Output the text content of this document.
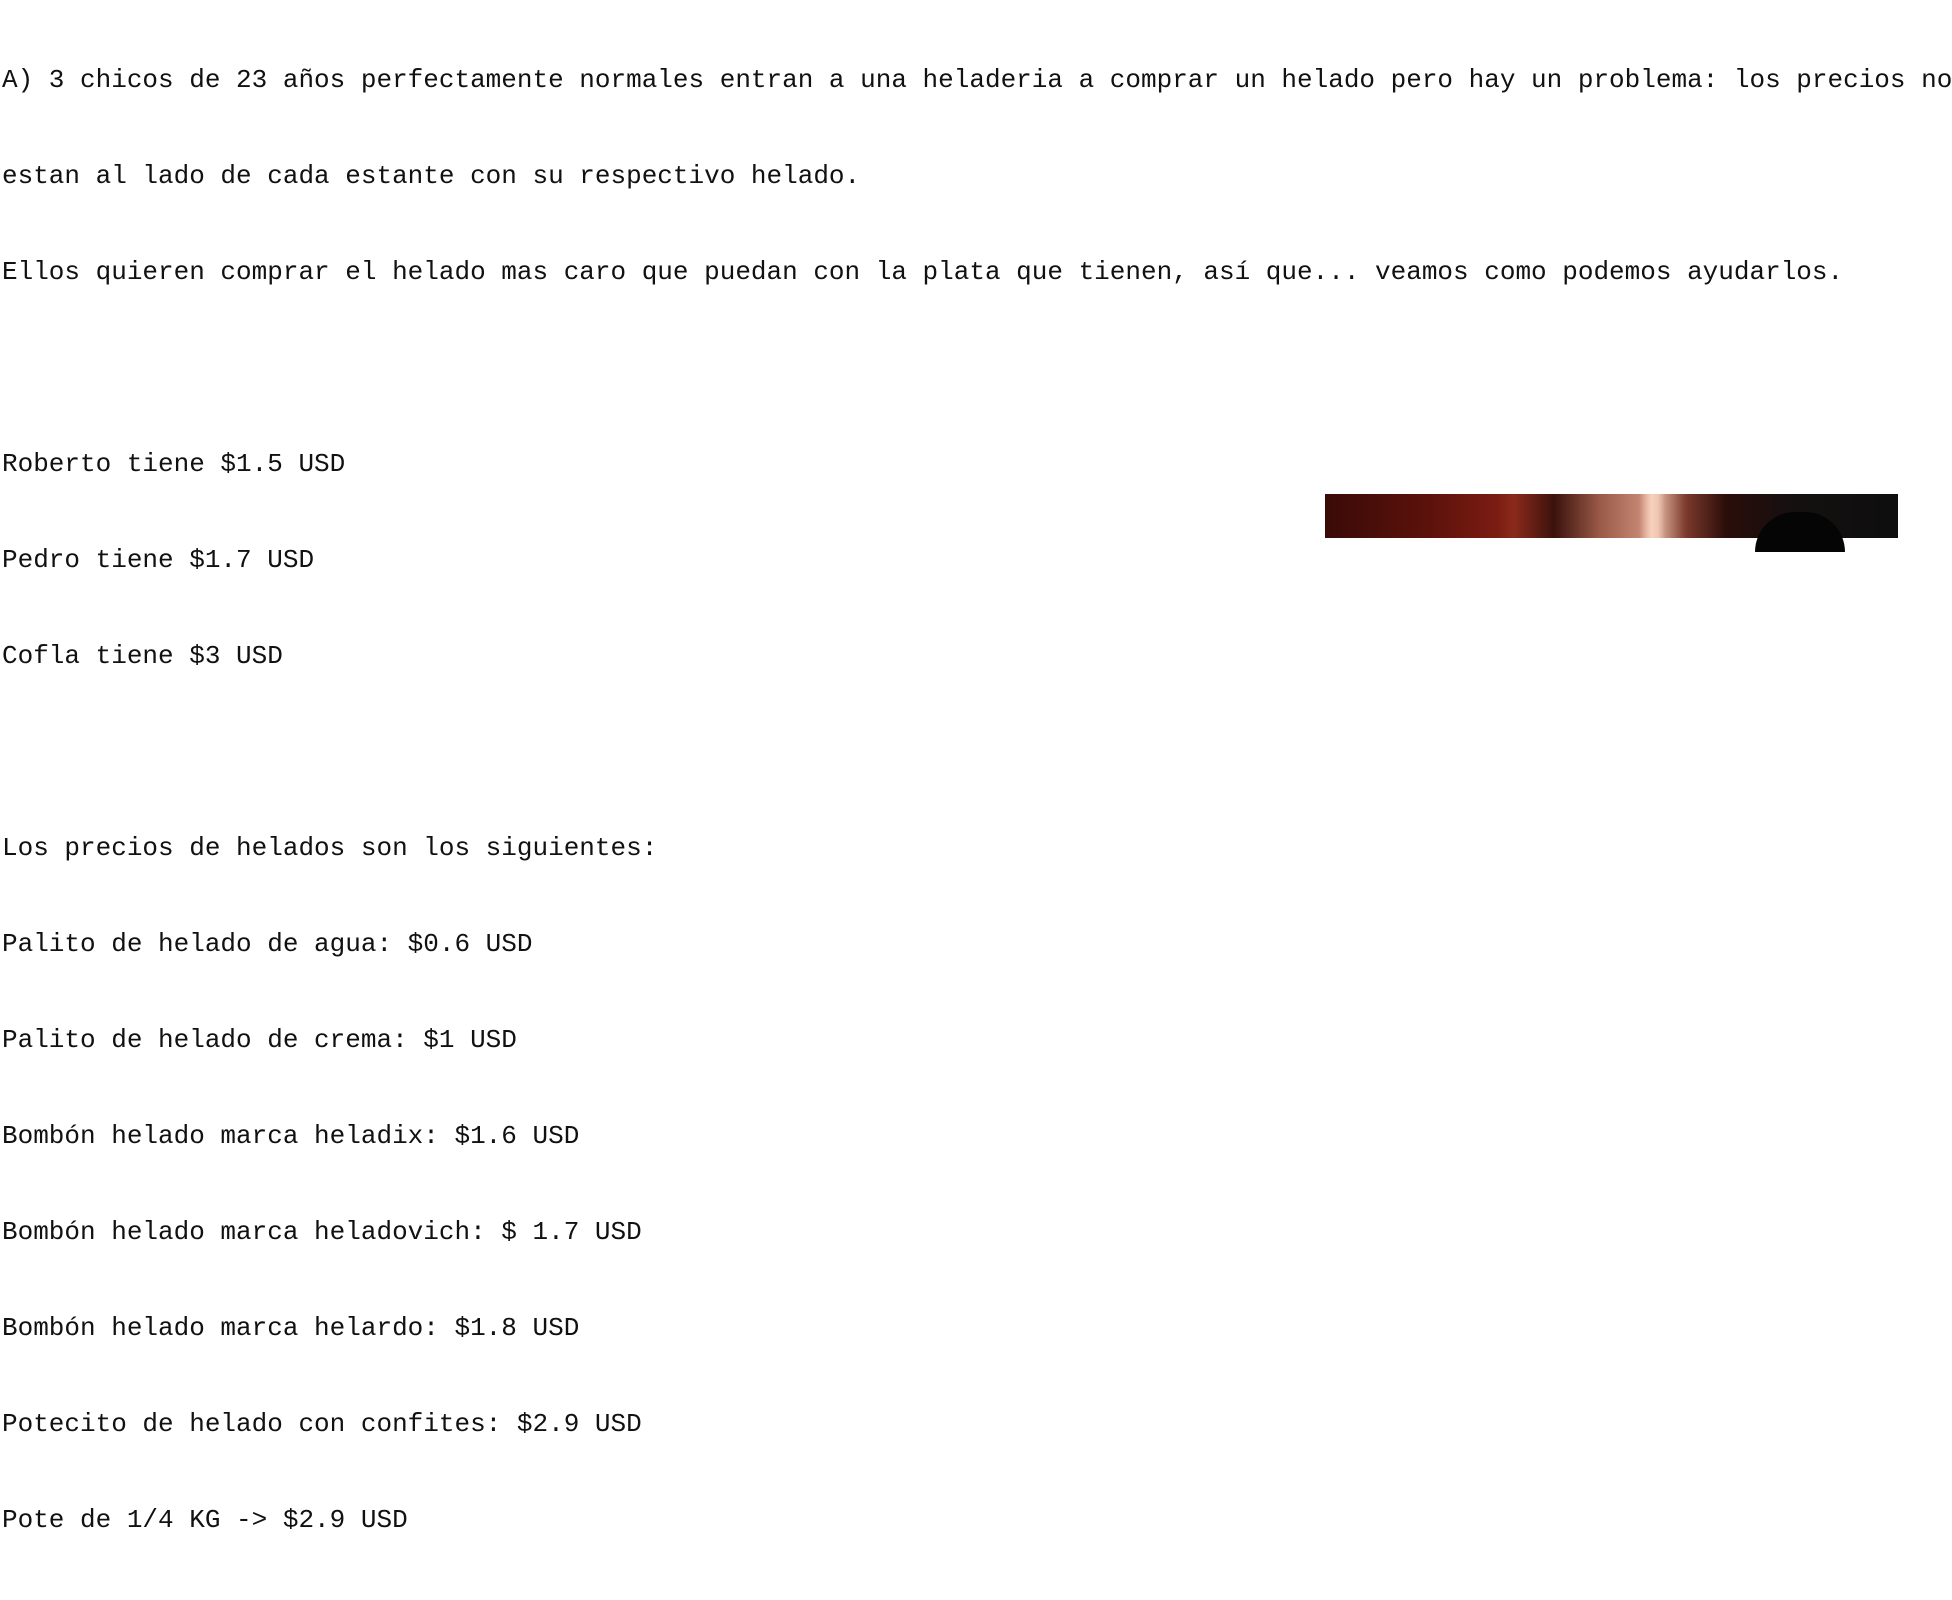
A) 3 chicos de 23 años perfectamente normales entran a una heladeria a comprar un helado pero hay un problema: los precios no

estan al lado de cada estante con su respectivo helado.

Ellos quieren comprar el helado mas caro que puedan con la plata que tienen, así que... veamos como podemos ayudarlos.

Roberto tiene $1.5 USD

Pedro tiene $1.7 USD

Cofla tiene $3 USD

Los precios de helados son los siguientes:

Palito de helado de agua: $0.6 USD

Palito de helado de crema: $1 USD

Bombón helado marca heladix: $1.6 USD

Bombón helado marca heladovich: $ 1.7 USD

Bombón helado marca helardo: $1.8 USD

Potecito de helado con confites: $2.9 USD

Pote de 1/4 KG -> $2.9 USD
